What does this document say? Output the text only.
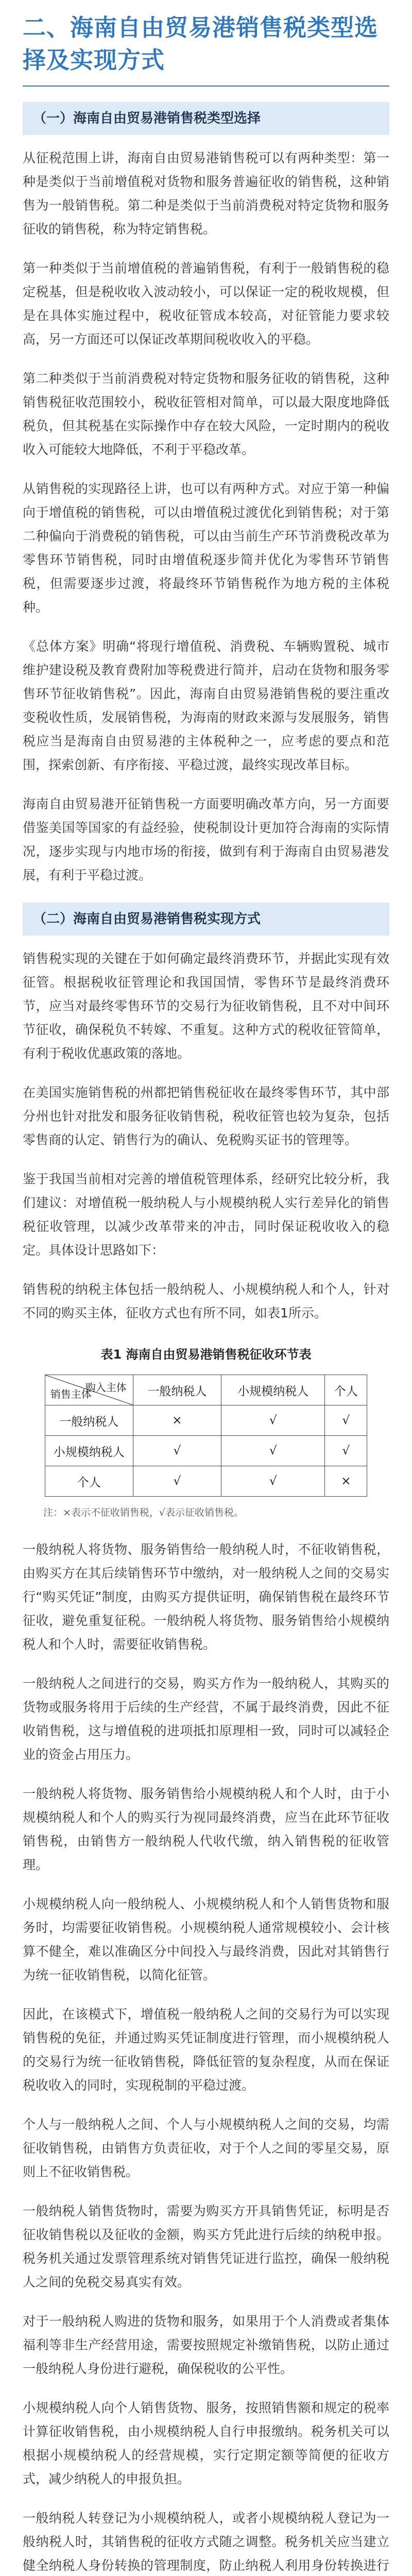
二、海南自由贸易港销售税类型选择及实现方式
（一）海南自由贸易港销售税类型选择

从征税范围上讲，海南自由贸易港销售税可以有两种类型：第一种是类似于当前增值税对货物和服务普遍征收的销售税，这种销售为一般销售税。第二种是类似于当前消费税对特定货物和服务征收的销售税，称为特定销售税。

第一种类似于当前增值税的普遍销售税，有利于一般销售税的稳定税基，但是税收收入波动较小，可以保证一定的税收规模，但是在具体实施过程中，税收征管成本较高，对征管能力要求较高，另一方面还可以保证改革期间税收收入的平稳。

第二种类似于当前消费税对特定货物和服务征收的销售税，这种销售税征收范围较小，税收征管相对简单，可以最大限度地降低税负，但其税基在实际操作中存在较大风险，一定时期内的税收收入可能较大地降低，不利于平稳改革。

从销售税的实现路径上讲，也可以有两种方式。对应于第一种偏向于增值税的销售税，可以由增值税过渡优化到销售税；对于第二种偏向于消费税的销售税，可以由当前生产环节消费税改革为零售环节销售税，同时由增值税逐步简并优化为零售环节销售税，但需要逐步过渡，将最终环节销售税作为地方税的主体税种。

《总体方案》明确“将现行增值税、消费税、车辆购置税、城市维护建设税及教育费附加等税费进行简并，启动在货物和服务零售环节征收销售税”。因此，海南自由贸易港销售税的要注重改变税收性质，发展销售税，为海南的财政来源与发展服务，销售税应当是海南自由贸易港的主体税种之一，应考虑的要点和范围，探索创新、有序衔接、平稳过渡，最终实现改革目标。

海南自由贸易港开征销售税一方面要明确改革方向，另一方面要借鉴美国等国家的有益经验，使税制设计更加符合海南的实际情况，逐步实现与内地市场的衔接，做到有利于海南自由贸易港发展，有利于平稳过渡。

（二）海南自由贸易港销售税实现方式

销售税实现的关键在于如何确定最终消费环节，并据此实现有效征管。根据税收征管理论和我国国情，零售环节是最终消费环节，应当对最终零售环节的交易行为征收销售税，且不对中间环节征收，确保税负不转嫁、不重复。这种方式的税收征管简单，有利于税收优惠政策的落地。

在美国实施销售税的州都把销售税征收在最终零售环节，其中部分州也针对批发和服务征收销售税，税收征管也较为复杂，包括零售商的认定、销售行为的确认、免税购买证书的管理等。

鉴于我国当前相对完善的增值税管理体系，经研究比较分析，我们建议：对增值税一般纳税人与小规模纳税人实行差异化的销售税征收管理，以减少改革带来的冲击，同时保证税收收入的稳定。具体设计思路如下：

销售税的纳税主体包括一般纳税人、小规模纳税人和个人，针对不同的购买主体，征收方式也有所不同，如表1所示。

表1 海南自由贸易港销售税征收环节表
购入主体
销售主体	一般纳税人	小规模纳税人	个人
一般纳税人	×	√	√
小规模纳税人	√	√	√
个人	√	√	×
注：×表示不征收销售税，√表示征收销售税。

一般纳税人将货物、服务销售给一般纳税人时，不征收销售税，由购买方在其后续销售环节中缴纳，对一般纳税人之间的交易实行“购买凭证”制度，由购买方提供证明，确保销售税在最终环节征收，避免重复征税。一般纳税人将货物、服务销售给小规模纳税人和个人时，需要征收销售税。

一般纳税人之间进行的交易，购买方作为一般纳税人，其购买的货物或服务将用于后续的生产经营，不属于最终消费，因此不征收销售税，这与增值税的进项抵扣原理相一致，同时可以减轻企业的资金占用压力。

一般纳税人将货物、服务销售给小规模纳税人和个人时，由于小规模纳税人和个人的购买行为视同最终消费，应当在此环节征收销售税，由销售方一般纳税人代收代缴，纳入销售税的征收管理。

小规模纳税人向一般纳税人、小规模纳税人和个人销售货物和服务时，均需要征收销售税。小规模纳税人通常规模较小、会计核算不健全，难以准确区分中间投入与最终消费，因此对其销售行为统一征收销售税，以简化征管。

因此，在该模式下，增值税一般纳税人之间的交易行为可以实现销售税的免征，并通过购买凭证制度进行管理，而小规模纳税人的交易行为统一征收销售税，降低征管的复杂程度，从而在保证税收收入的同时，实现税制的平稳过渡。

个人与一般纳税人之间、个人与小规模纳税人之间的交易，均需征收销售税，由销售方负责征收，对于个人之间的零星交易，原则上不征收销售税。

一般纳税人销售货物时，需要为购买方开具销售凭证，标明是否征收销售税以及征收的金额，购买方凭此进行后续的纳税申报。税务机关通过发票管理系统对销售凭证进行监控，确保一般纳税人之间的免税交易真实有效。

对于一般纳税人购进的货物和服务，如果用于个人消费或者集体福利等非生产经营用途，需要按照规定补缴销售税，以防止通过一般纳税人身份进行避税，确保税收的公平性。

小规模纳税人向个人销售货物、服务，按照销售额和规定的税率计算征收销售税，由小规模纳税人自行申报缴纳。税务机关可以根据小规模纳税人的经营规模，实行定期定额等简便的征收方式，减少纳税人的申报负担。

一般纳税人转登记为小规模纳税人，或者小规模纳税人登记为一般纳税人时，其销售税的征收方式随之调整。税务机关应当建立健全纳税人身份转换的管理制度，防止纳税人利用身份转换进行
